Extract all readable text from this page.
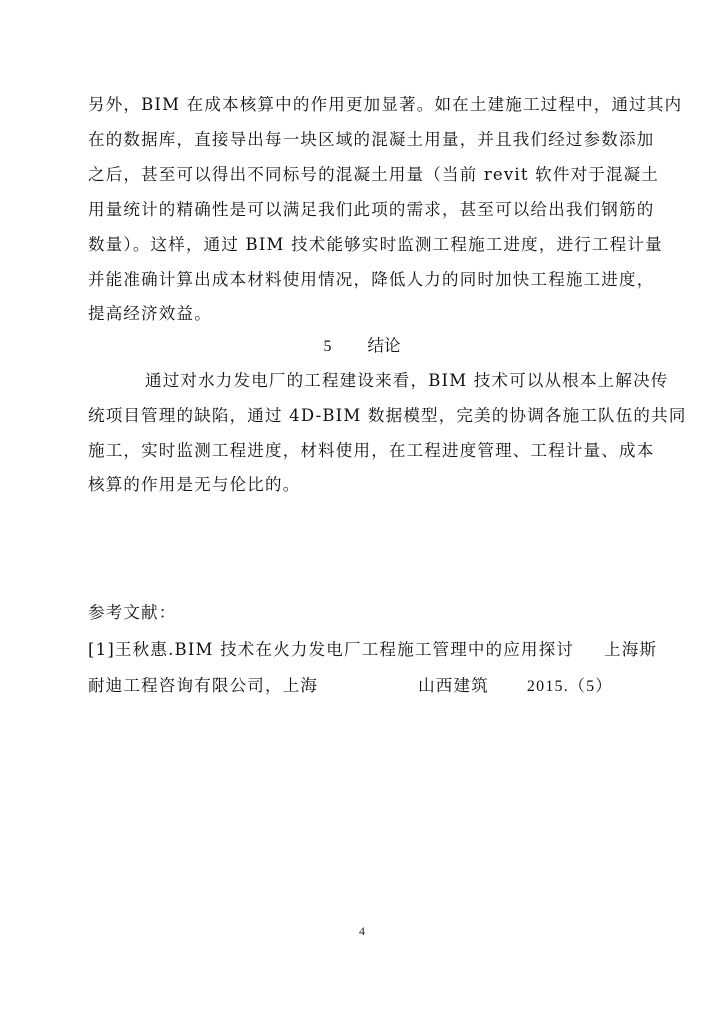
另外，BIM 在成本核算中的作用更加显著。如在土建施工过程中，通过其内
在的数据库，直接导出每一块区域的混凝土用量，并且我们经过参数添加
之后，甚至可以得出不同标号的混凝土用量（当前 revit 软件对于混凝土
用量统计的精确性是可以满足我们此项的需求，甚至可以给出我们钢筋的
数量）。这样，通过 BIM 技术能够实时监测工程施工进度，进行工程计量
并能准确计算出成本材料使用情况，降低人力的同时加快工程施工进度，
提高经济效益。
5 结论
通过对水力发电厂的工程建设来看，BIM 技术可以从根本上解决传
统项目管理的缺陷，通过 4D-BIM 数据模型，完美的协调各施工队伍的共同
施工，实时监测工程进度，材料使用，在工程进度管理、工程计量、成本
核算的作用是无与伦比的。
参考文献：
[1]王秋惠.BIM 技术在火力发电厂工程施工管理中的应用探讨 上海斯
耐迪工程咨询有限公司，上海	山西建筑 2015.（5）
4
